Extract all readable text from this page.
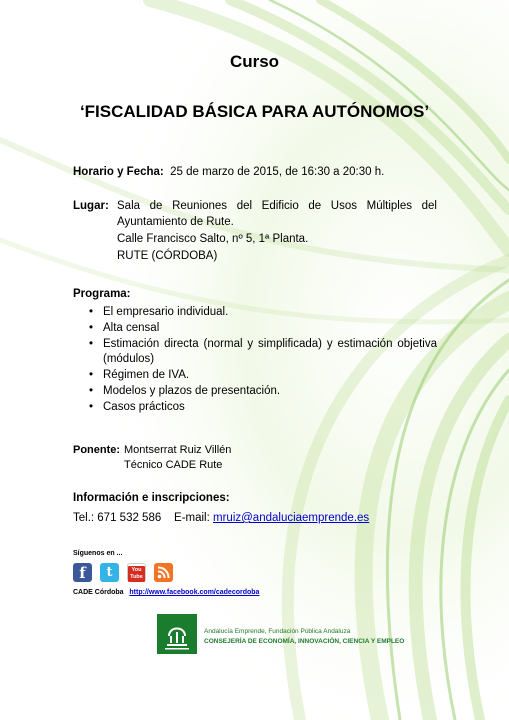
Curso
‘FISCALIDAD BÁSICA PARA AUTÓNOMOS’
Horario y Fecha: 25 de marzo de 2015, de 16:30 a 20:30 h.
Lugar: Sala de Reuniones del Edificio de Usos Múltiples del
Ayuntamiento de Rute.
Calle Francisco Salto, nº 5, 1ª Planta.
RUTE (CÓRDOBA)
Programa:
• El empresario individual.
• Alta censal
• Estimación directa (normal y simplificada) y estimación objetiva
(módulos)
• Régimen de IVA.
• Modelos y plazos de presentación.
• Casos prácticos
Ponente: Montserrat Ruiz Villén
Técnico CADE Rute
Información e inscripciones:
Tel.: 671 532 586 E-mail: mruiz@andaluciaemprende.es
Síguenos en ...
f	t	You Tube
CADE Córdoba http://www.facebook.com/cadecordoba
Andalucía Emprende, Fundación Pública Andaluza
CONSEJERÍA DE ECONOMÍA, INNOVACIÓN, CIENCIA Y EMPLEO
